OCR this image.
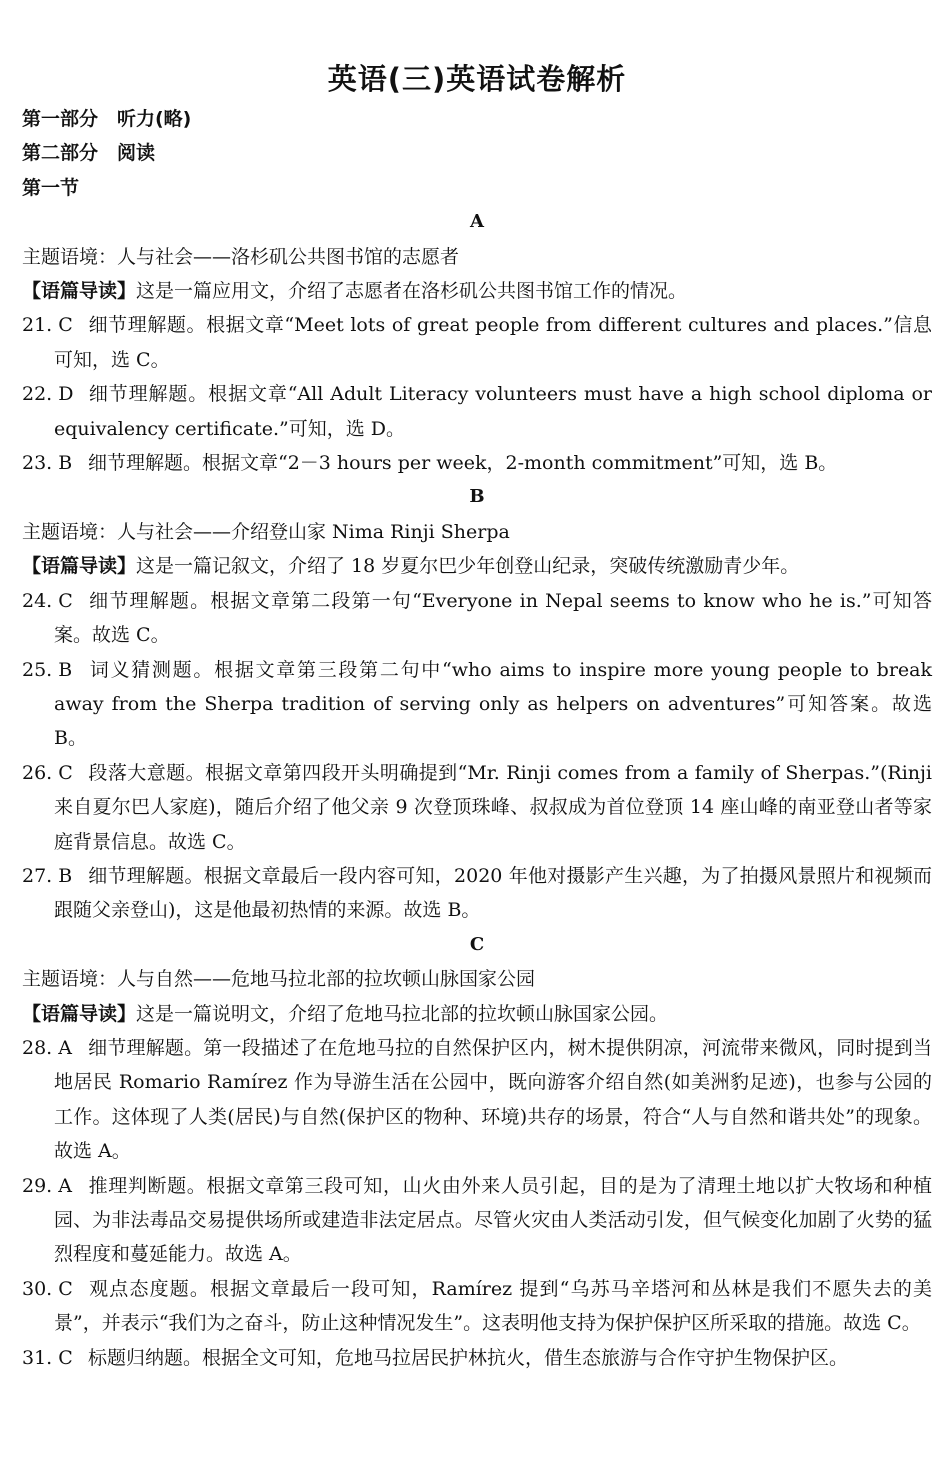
英语(三)英语试卷解析
第一部分　听力(略)
第二部分　阅读
第一节
A
主题语境：人与社会——洛杉矶公共图书馆的志愿者
【语篇导读】这是一篇应用文，介绍了志愿者在洛杉矶公共图书馆工作的情况。
21. C 细节理解题。根据文章“Meet lots of great people from different cultures and places.”信息可知，选 C。
22. D 细节理解题。根据文章“All Adult Literacy volunteers must have a high school diploma or equivalency certificate.”可知，选 D。
23. B 细节理解题。根据文章“2－3 hours per week，2-month commitment”可知，选 B。
B
主题语境：人与社会——介绍登山家 Nima Rinji Sherpa
【语篇导读】这是一篇记叙文，介绍了 18 岁夏尔巴少年创登山纪录，突破传统激励青少年。
24. C 细节理解题。根据文章第二段第一句“Everyone in Nepal seems to know who he is.”可知答案。故选 C。
25. B 词义猜测题。根据文章第三段第二句中“who aims to inspire more young people to break away from the Sherpa tradition of serving only as helpers on adventures”可知答案。故选 B。
26. C 段落大意题。根据文章第四段开头明确提到“Mr. Rinji comes from a family of Sherpas.”(Rinji 来自夏尔巴人家庭)，随后介绍了他父亲 9 次登顶珠峰、叔叔成为首位登顶 14 座山峰的南亚登山者等家庭背景信息。故选 C。
27. B 细节理解题。根据文章最后一段内容可知，2020 年他对摄影产生兴趣，为了拍摄风景照片和视频而跟随父亲登山)，这是他最初热情的来源。故选 B。
C
主题语境：人与自然——危地马拉北部的拉坎顿山脉国家公园
【语篇导读】这是一篇说明文，介绍了危地马拉北部的拉坎顿山脉国家公园。
28. A 细节理解题。第一段描述了在危地马拉的自然保护区内，树木提供阴凉，河流带来微风，同时提到当地居民 Romario Ramírez 作为导游生活在公园中，既向游客介绍自然(如美洲豹足迹)，也参与公园的工作。这体现了人类(居民)与自然(保护区的物种、环境)共存的场景，符合“人与自然和谐共处”的现象。故选 A。
29. A 推理判断题。根据文章第三段可知，山火由外来人员引起，目的是为了清理土地以扩大牧场和种植园、为非法毒品交易提供场所或建造非法定居点。尽管火灾由人类活动引发，但气候变化加剧了火势的猛烈程度和蔓延能力。故选 A。
30. C 观点态度题。根据文章最后一段可知，Ramírez 提到“乌苏马辛塔河和丛林是我们不愿失去的美景”，并表示“我们为之奋斗，防止这种情况发生”。这表明他支持为保护保护区所采取的措施。故选 C。
31. C 标题归纳题。根据全文可知，危地马拉居民护林抗火，借生态旅游与合作守护生物保护区。
